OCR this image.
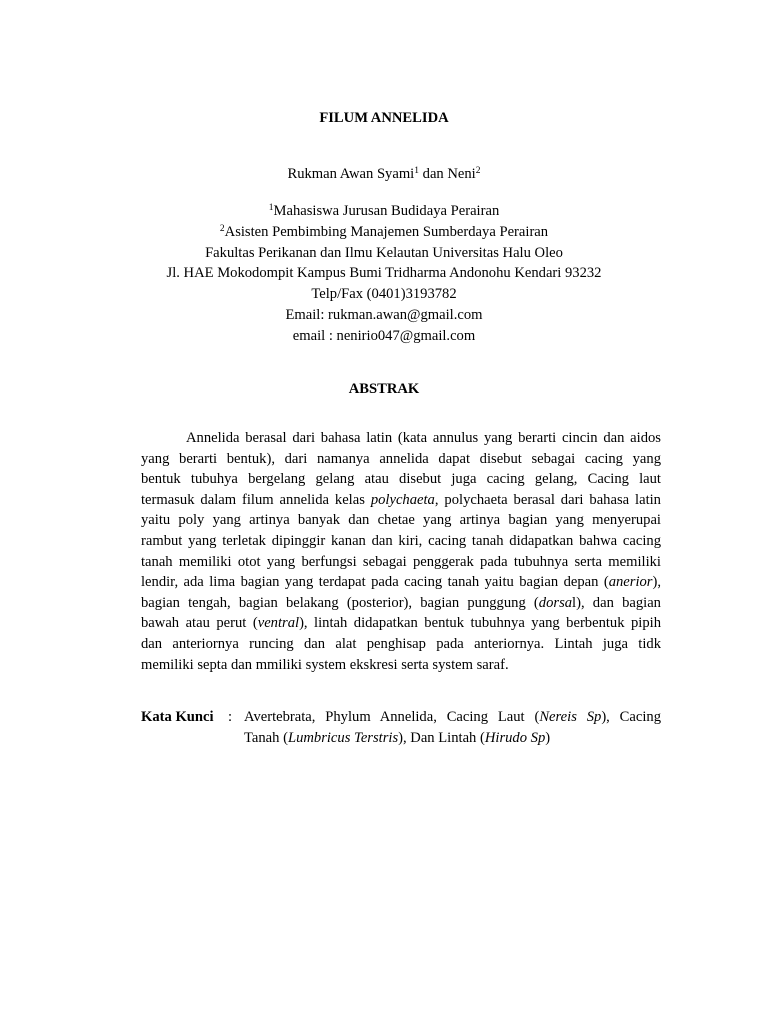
FILUM ANNELIDA
Rukman Awan Syami$^1$ dan Neni$^2$
$^1$Mahasiswa Jurusan Budidaya Perairan
$^2$Asisten Pembimbing Manajemen Sumberdaya Perairan
Fakultas Perikanan dan Ilmu Kelautan Universitas Halu Oleo
Jl. HAE Mokodompit Kampus Bumi Tridharma Andonohu Kendari 93232
Telp/Fax (0401)3193782
Email: rukman.awan@gmail.com
email : nenirio047@gmail.com
ABSTRAK
Annelida berasal dari bahasa latin (kata annulus yang berarti cincin dan aidos
yang berarti bentuk), dari namanya annelida dapat disebut sebagai cacing yang
bentuk tubuhya bergelang gelang atau disebut juga cacing gelang, Cacing laut
termasuk dalam filum annelida kelas polychaeta, polychaeta berasal dari bahasa latin
yaitu poly yang artinya banyak dan chetae yang artinya bagian yang menyerupai
rambut yang terletak dipinggir kanan dan kiri, cacing tanah didapatkan bahwa cacing
tanah memiliki otot yang berfungsi sebagai penggerak pada tubuhnya serta memiliki
lendir, ada lima bagian yang terdapat pada cacing tanah yaitu bagian depan (anerior),
bagian tengah, bagian belakang (posterior), bagian punggung (dorsal), dan bagian
bawah atau perut (ventral), lintah didapatkan bentuk tubuhnya yang berbentuk pipih
dan anteriornya runcing dan alat penghisap pada anteriornya. Lintah juga tidk
memiliki septa dan mmiliki system ekskresi serta system saraf.
Kata Kunci : Avertebrata, Phylum Annelida, Cacing Laut (Nereis Sp), Cacing
Tanah (Lumbricus Terstris), Dan Lintah (Hirudo Sp)
